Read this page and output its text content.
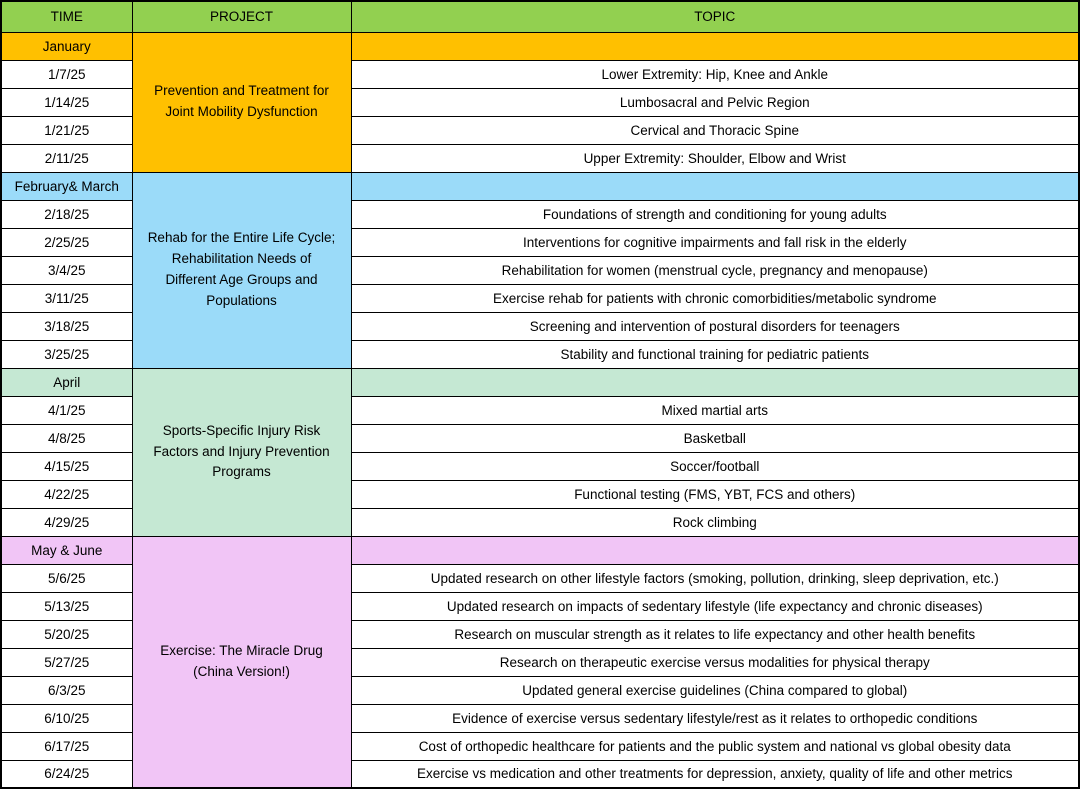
TIME	PROJECT	TOPIC
January	Prevention and Treatment for Joint Mobility Dysfunction	
1/7/25		Lower Extremity: Hip, Knee and Ankle
1/14/25		Lumbosacral and Pelvic Region
1/21/25		Cervical and Thoracic Spine
2/11/25		Upper Extremity: Shoulder, Elbow and Wrist
February& March	Rehab for the Entire Life Cycle; Rehabilitation Needs of Different Age Groups and Populations	
2/18/25		Foundations of strength and conditioning for young adults
2/25/25		Interventions for cognitive impairments and fall risk in the elderly
3/4/25		Rehabilitation for women (menstrual cycle, pregnancy and menopause)
3/11/25		Exercise rehab for patients with chronic comorbidities/metabolic syndrome
3/18/25		Screening and intervention of postural disorders for teenagers
3/25/25		Stability and functional training for pediatric patients
April	Sports-Specific Injury Risk Factors and Injury Prevention Programs	
4/1/25		Mixed martial arts
4/8/25		Basketball
4/15/25		Soccer/football
4/22/25		Functional testing (FMS, YBT, FCS and others)
4/29/25		Rock climbing
May & June	Exercise: The Miracle Drug (China Version!)	
5/6/25		Updated research on other lifestyle factors (smoking, pollution, drinking, sleep deprivation, etc.)
5/13/25		Updated research on impacts of sedentary lifestyle (life expectancy and chronic diseases)
5/20/25		Research on muscular strength as it relates to life expectancy and other health benefits
5/27/25		Research on therapeutic exercise versus modalities for physical therapy
6/3/25		Updated general exercise guidelines (China compared to global)
6/10/25		Evidence of exercise versus sedentary lifestyle/rest as it relates to orthopedic conditions
6/17/25		Cost of orthopedic healthcare for patients and the public system and national vs global obesity data
6/24/25		Exercise vs medication and other treatments for depression, anxiety, quality of life and other metrics
